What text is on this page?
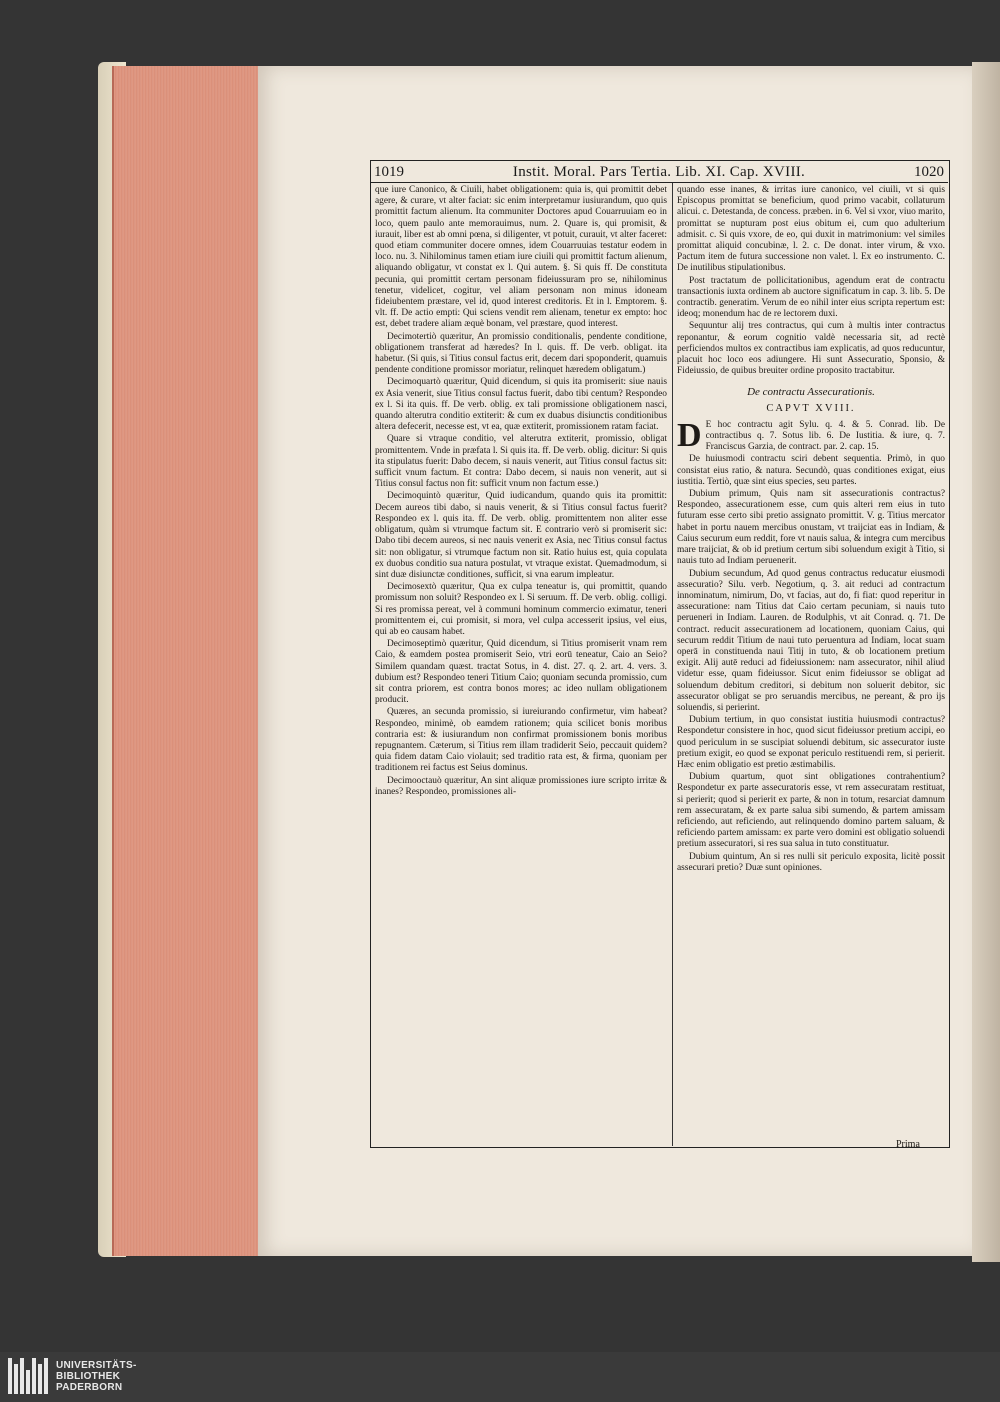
1019	Instit. Moral. Pars Tertia. Lib. XI. Cap. XVIII.	1020

que iure Canonico, & Ciuili, habet obligationem: quia is, qui promittit debet agere, & curare, vt alter faciat: sic enim interpretamur iusiurandum, quo quis promittit factum alienum. Ita communiter Doctores apud Couarruuiam eo in loco, quem paulo ante memorauimus, num. 2. Quare is, qui promisit, & iurauit, liber est ab omni pœna, si diligenter, vt potuit, curauit, vt alter faceret: quod etiam communiter docere omnes, idem Couarruuias testatur eodem in loco. nu. 3. Nihilominus tamen etiam iure ciuili qui promittit factum alienum, aliquando obligatur, vt constat ex l. Qui autem. §. Si quis ff. De constituta pecunia, qui promittit certam personam fideiussuram pro se, nihilominus tenetur, videlicet, cogitur, vel aliam personam non minus idoneam fideiubentem præstare, vel id, quod interest creditoris. Et in l. Emptorem. §. vlt. ff. De actio empti: Qui sciens vendit rem alienam, tenetur ex empto: hoc est, debet tradere aliam æquè bonam, vel præstare, quod interest.

Decimotertiò quæritur, An promissio conditionalis, pendente conditione, obligationem transferat ad hæredes? In l. quis. ff. De verb. obligat. ita habetur. (Si quis, si Titius consul factus erit, decem dari spoponderit, quamuis pendente conditione promissor moriatur, relinquet hæredem obligatum.)

Decimoquartò quæritur, Quid dicendum, si quis ita promiserit: siue nauis ex Asia venerit, siue Titius consul factus fuerit, dabo tibi centum? Respondeo ex l. Si ita quis. ff. De verb. oblig. ex tali promissione obligationem nasci, quando alterutra conditio extiterit: & cum ex duabus disiunctis conditionibus altera defecerit, necesse est, vt ea, quæ extiterit, promissionem ratam faciat.

Quare si vtraque conditio, vel alterutra extiterit, promissio, obligat promittentem. Vnde in præfata l. Si quis ita. ff. De verb. oblig. dicitur: Si quis ita stipulatus fuerit: Dabo decem, si nauis venerit, aut Titius consul factus sit: sufficit vnum factum. Et contra: Dabo decem, si nauis non venerit, aut si Titius consul factus non fit: sufficit vnum non factum esse.)

Decimoquintò quæritur, Quid iudicandum, quando quis ita promittit: Decem aureos tibi dabo, si nauis venerit, & si Titius consul factus fuerit? Respondeo ex l. quis ita. ff. De verb. oblig. promittentem non aliter esse obligatum, quàm si vtrumque factum sit. E contrario verò si promiserit sic: Dabo tibi decem aureos, si nec nauis venerit ex Asia, nec Titius consul factus sit: non obligatur, si vtrumque factum non sit. Ratio huius est, quia copulata ex duobus conditio sua natura postulat, vt vtraque existat. Quemadmodum, si sint duæ disiunctæ conditiones, sufficit, si vna earum impleatur.

Decimosextò quæritur, Qua ex culpa teneatur is, qui promittit, quando promissum non soluit? Respondeo ex l. Si seruum. ff. De verb. oblig. colligi. Si res promissa pereat, vel à communi hominum commercio eximatur, teneri promittentem ei, cui promisit, si mora, vel culpa accesserit ipsius, vel eius, qui ab eo causam habet.

Decimoseptimò quæritur, Quid dicendum, si Titius promiserit vnam rem Caio, & eamdem postea promiserit Seio, vtri eorū teneatur, Caio an Seio? Similem quandam quæst. tractat Sotus, in 4. dist. 27. q. 2. art. 4. vers. 3. dubium est? Respondeo teneri Titium Caio; quoniam secunda promissio, cum sit contra priorem, est contra bonos mores; ac ideo nullam obligationem producit.

Quæres, an secunda promissio, si iureiurando confirmetur, vim habeat? Respondeo, minimè, ob eamdem rationem; quia scilicet bonis moribus contraria est: & iusiurandum non confirmat promissionem bonis moribus repugnantem. Cæterum, si Titius rem illam tradiderit Seio, peccauit quidem? quia fidem datam Caio violauit; sed traditio rata est, & firma, quoniam per traditionem rei factus est Seius dominus.

Decimooctauò quæritur, An sint aliquæ promissiones iure scripto irritæ & inanes? Respondeo, promissiones ali-

quando esse inanes, & irritas iure canonico, vel ciuili, vt si quis Episcopus promittat se beneficium, quod primo vacabit, collaturum alicui. c. Detestanda, de concess. præben. in 6. Vel si vxor, viuo marito, promittat se nupturam post eius obitum ei, cum quo adulterium admisit. c. Si quis vxore, de eo, qui duxit in matrimonium: vel similes promittat aliquid concubinæ, l. 2. c. De donat. inter virum, & vxo. Pactum item de futura successione non valet. l. Ex eo instrumento. C. De inutilibus stipulationibus.

Post tractatum de pollicitationibus, agendum erat de contractu transactionis iuxta ordinem ab auctore significatum in cap. 3. lib. 5. De contractib. generatim. Verum de eo nihil inter eius scripta repertum est: ideoq; monendum hac de re lectorem duxi.

Sequuntur alij tres contractus, qui cum à multis inter contractus reponantur, & eorum cognitio valdè necessaria sit, ad rectè perficiendos multos ex contractibus iam explicatis, ad quos reducuntur, placuit hoc loco eos adiungere. Hi sunt Assecuratio, Sponsio, & Fideiussio, de quibus breuiter ordine proposito tractabitur.

De contractu Assecurationis.
CAPVT XVIII.

D E hoc contractu agit Sylu. q. 4. & 5. Conrad. lib. De contractibus q. 7. Sotus lib. 6. De Iustitia. & iure, q. 7. Franciscus Garzia, de contract. par. 2. cap. 15.

De huiusmodi contractu sciri debent sequentia. Primò, in quo consistat eius ratio, & natura. Secundò, quas conditiones exigat, eius iustitia. Tertiò, quæ sint eius species, seu partes.

Dubium primum, Quis nam sit assecurationis contractus? Respondeo, assecurationem esse, cum quis alteri rem eius in tuto futuram esse certo sibi pretio assignato promittit. V. g. Titius mercator habet in portu nauem mercibus onustam, vt traijciat eas in Indiam, & Caius securum eum reddit, fore vt nauis salua, & integra cum mercibus mare traijciat, & ob id pretium certum sibi soluendum exigit à Titio, si nauis tuto ad Indiam peruenerit.

Dubium secundum, Ad quod genus contractus reducatur eiusmodi assecuratio? Silu. verb. Negotium, q. 3. ait reduci ad contractum innominatum, nimirum, Do, vt facias, aut do, fi fiat: quod reperitur in assecuratione: nam Titius dat Caio certam pecuniam, si nauis tuto perueneri in Indiam. Lauren. de Rodulphis, vt ait Conrad. q. 71. De contract. reducit assecurationem ad locationem, quoniam Caius, qui securum reddit Titium de naui tuto peruentura ad Indiam, locat suam operā in constituenda naui Titij in tuto, & ob locationem pretium exigit. Alij autē reduci ad fideiussionem: nam assecurator, nihil aliud videtur esse, quam fideiussor. Sicut enim fideiussor se obligat ad soluendum debitum creditori, si debitum non soluerit debitor, sic assecurator obligat se pro seruandis mercibus, ne pereant, & pro ijs soluendis, si perierint.

Dubium tertium, in quo consistat iustitia huiusmodi contractus? Respondetur consistere in hoc, quod sicut fideiussor pretium accipi, eo quod periculum in se suscipiat soluendi debitum, sic assecurator iuste pretium exigit, eo quod se exponat periculo restituendi rem, si perierit. Hæc enim obligatio est pretio æstimabilis.

Dubium quartum, quot sint obligationes contrahentium? Respondetur ex parte assecuratoris esse, vt rem assecuratam restituat, si perierit; quod si perierit ex parte, & non in totum, resarciat damnum rem assecuratam, & ex parte salua sibi sumendo, & partem amissam reficiendo, aut reficiendo, aut relinquendo domino partem saluam, & reficiendo partem amissam: ex parte vero domini est obligatio soluendi pretium assecuratori, si res sua salua in tuto constituatur.

Dubium quintum, An si res nulli sit periculo exposita, licitè possit assecurari pretio? Duæ sunt opiniones.

Prima
UNIVERSITÄTS-
BIBLIOTHEK
PADERBORN
